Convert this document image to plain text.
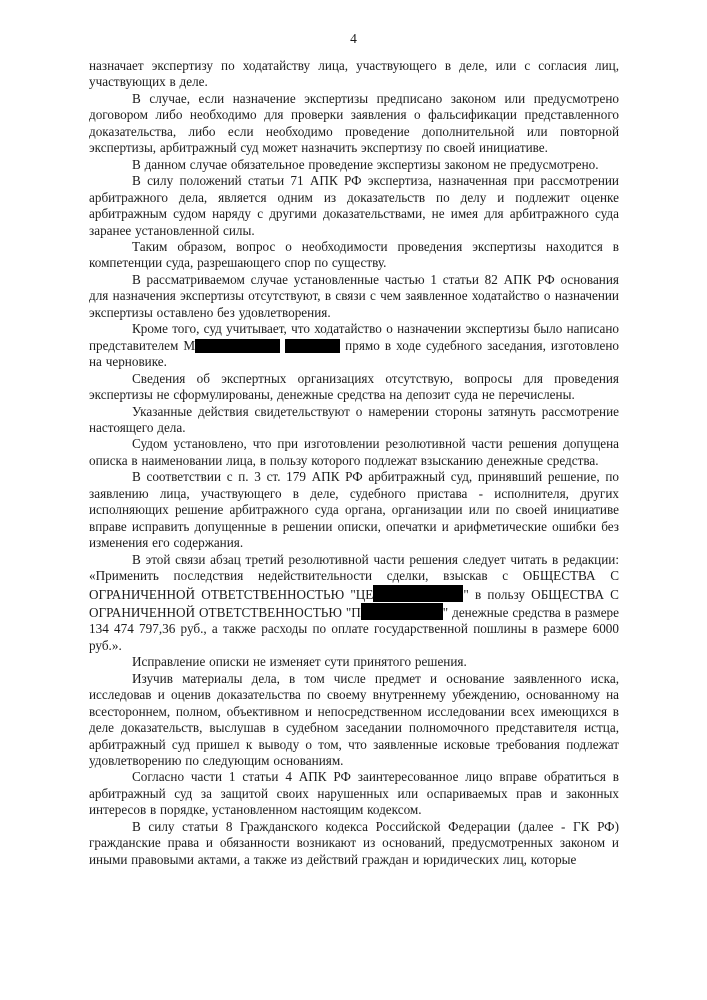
4

назначает экспертизу по ходатайству лица, участвующего в деле, или с согласия лиц, участвующих в деле.

В случае, если назначение экспертизы предписано законом или предусмотрено договором либо необходимо для проверки заявления о фальсификации представленного доказательства, либо если необходимо проведение дополнительной или повторной экспертизы, арбитражный суд может назначить экспертизу по своей инициативе.

В данном случае обязательное проведение экспертизы законом не предусмотрено.

В силу положений статьи 71 АПК РФ экспертиза, назначенная при рассмотрении арбитражного дела, является одним из доказательств по делу и подлежит оценке арбитражным судом наряду с другими доказательствами, не имея для арбитражного суда заранее установленной силы.

Таким образом, вопрос о необходимости проведения экспертизы находится в компетенции суда, разрешающего спор по существу.

В рассматриваемом случае установленные частью 1 статьи 82 АПК РФ основания для назначения экспертизы отсутствуют, в связи с чем заявленное ходатайство о назначении экспертизы оставлено без удовлетворения.

Кроме того, суд учитывает, что ходатайство о назначении экспертизы было написано представителем М	прямо в ходе судебного заседания, изготовлено на черновике.

Сведения об экспертных организациях отсутствую, вопросы для проведения экспертизы не сформулированы, денежные средства на депозит суда не перечислены.

Указанные действия свидетельствуют о намерении стороны затянуть рассмотрение настоящего дела.

Судом установлено, что при изготовлении резолютивной части решения допущена описка в наименовании лица, в пользу которого подлежат взысканию денежные средства.

В соответствии с п. 3 ст. 179 АПК РФ арбитражный суд, принявший решение, по заявлению лица, участвующего в деле, судебного пристава - исполнителя, других исполняющих решение арбитражного суда органа, организации или по своей инициативе вправе исправить допущенные в решении описки, опечатки и арифметические ошибки без изменения его содержания.

В этой связи абзац третий резолютивной части решения следует читать в редакции: «Применить последствия недействительности сделки, взыскав с ОБЩЕСТВА С ОГРАНИЧЕННОЙ ОТВЕТСТВЕННОСТЬЮ "ЦЕ	" в пользу ОБЩЕСТВА С ОГРАНИЧЕННОЙ ОТВЕТСТВЕННОСТЬЮ "П	" денежные средства в размере 134 474 797,36 руб., а также расходы по оплате государственной пошлины в размере 6000 руб.».

Исправление описки не изменяет сути принятого решения.

Изучив материалы дела, в том числе предмет и основание заявленного иска, исследовав и оценив доказательства по своему внутреннему убеждению, основанному на всестороннем, полном, объективном и непосредственном исследовании всех имеющихся в деле доказательств, выслушав в судебном заседании полномочного представителя истца, арбитражный суд пришел к выводу о том, что заявленные исковые требования подлежат удовлетворению по следующим основаниям.

Согласно части 1 статьи 4 АПК РФ заинтересованное лицо вправе обратиться в арбитражный суд за защитой своих нарушенных или оспариваемых прав и законных интересов в порядке, установленном настоящим кодексом.

В силу статьи 8 Гражданского кодекса Российской Федерации (далее - ГК РФ) гражданские права и обязанности возникают из оснований, предусмотренных законом и иными правовыми актами, а также из действий граждан и юридических лиц, которые
